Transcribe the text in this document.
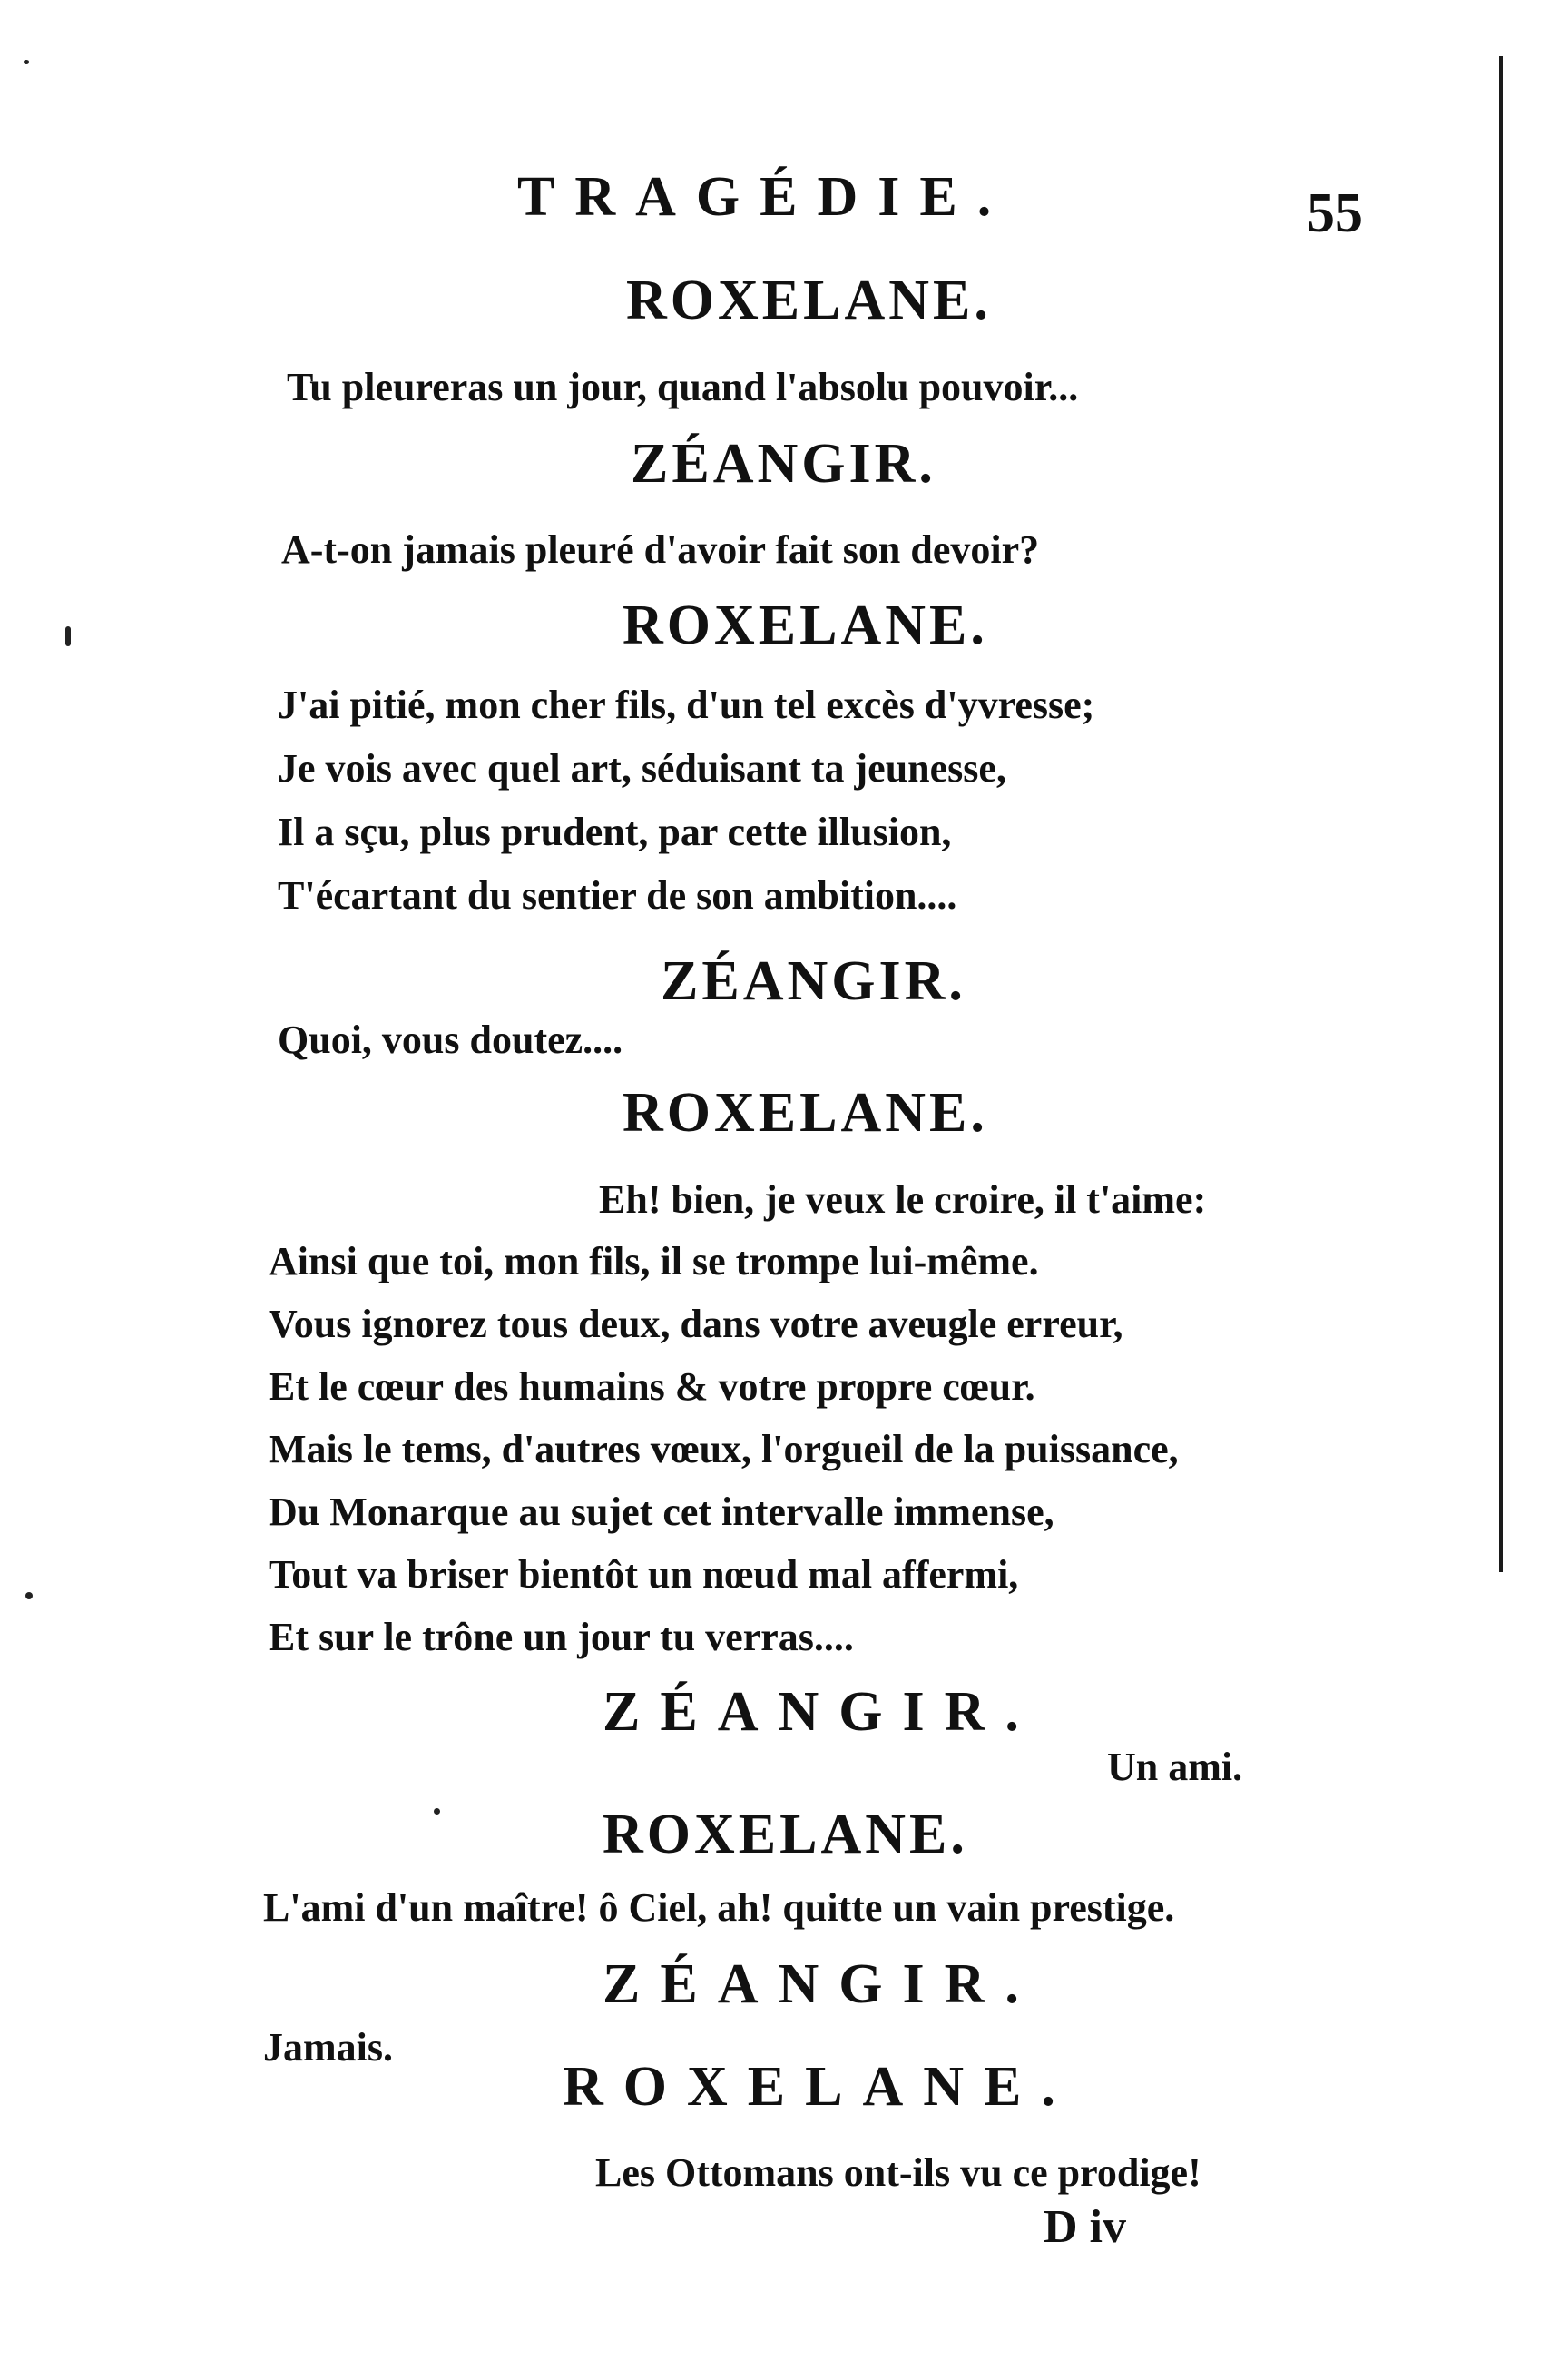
TRAGÉDIE.	55
ROXELANE.
Tu pleureras un jour, quand l'absolu pouvoir...
ZÉANGIR.
A-t-on jamais pleuré d'avoir fait son devoir?
ROXELANE.
J'ai pitié, mon cher fils, d'un tel excès d'yvresse;
Je vois avec quel art, séduisant ta jeunesse,
Il a sçu, plus prudent, par cette illusion,
T'écartant du sentier de son ambition....
ZÉANGIR.
Quoi, vous doutez....
ROXELANE.
Eh! bien, je veux le croire, il t'aime:
Ainsi que toi, mon fils, il se trompe lui-même.
Vous ignorez tous deux, dans votre aveugle erreur,
Et le cœur des humains & votre propre cœur.
Mais le tems, d'autres vœux, l'orgueil de la puissance,
Du Monarque au sujet cet intervalle immense,
Tout va briser bientôt un nœud mal affermi,
Et sur le trône un jour tu verras....
ZÉANGIR.
Un ami.
ROXELANE.
L'ami d'un maître! ô Ciel, ah! quitte un vain prestige.
ZÉANGIR.
Jamais.
ROXELANE.
Les Ottomans ont-ils vu ce prodige!
D iv
